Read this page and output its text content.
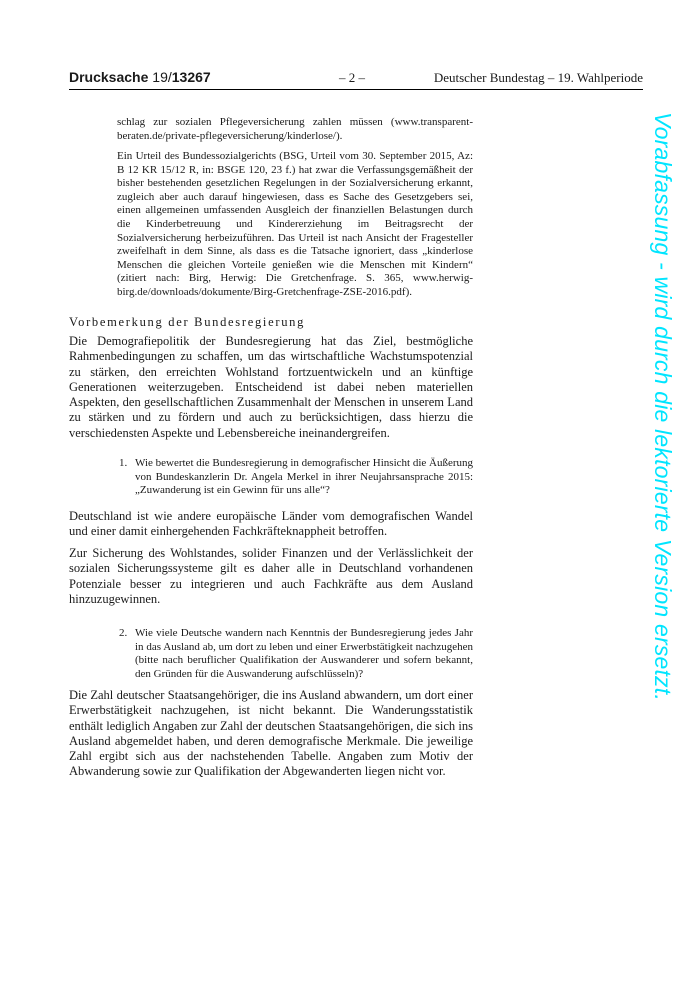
Drucksache 19/13267	– 2 –	Deutscher Bundestag – 19. Wahlperiode
Vorabfassung - wird durch die lektorierte Version ersetzt.

schlag zur sozialen Pflegeversicherung zahlen müssen (www.transparent-beraten.de/private-pflegeversicherung/kinderlose/).

Ein Urteil des Bundessozialgerichts (BSG, Urteil vom 30. September 2015, Az: B 12 KR 15/12 R, in: BSGE 120, 23 f.) hat zwar die Verfassungsgemäßheit der bisher bestehenden gesetzlichen Regelungen in der Sozialversicherung erkannt, zugleich aber auch darauf hingewiesen, dass es Sache des Gesetzgebers sei, einen allgemeinen umfassenden Ausgleich der finanziellen Belastungen durch die Kinderbetreuung und Kindererziehung im Beitragsrecht der Sozialversicherung herbeizuführen. Das Urteil ist nach Ansicht der Fragesteller zweifelhaft in dem Sinne, als dass es die Tatsache ignoriert, dass „kinderlose Menschen die gleichen Vorteile genießen wie die Menschen mit Kindern“ (zitiert nach: Birg, Herwig: Die Gretchenfrage. S. 365, www.herwig-birg.de/downloads/dokumente/Birg-Gretchenfrage-ZSE-2016.pdf).

Vorbemerkung der Bundesregierung

Die Demografiepolitik der Bundesregierung hat das Ziel, bestmögliche Rahmenbedingungen zu schaffen, um das wirtschaftliche Wachstumspotenzial zu stärken, den erreichten Wohlstand fortzuentwickeln und an künftige Generationen weiterzugeben. Entscheidend ist dabei neben materiellen Aspekten, den gesellschaftlichen Zusammenhalt der Menschen in unserem Land zu stärken und zu fördern und auch zu berücksichtigen, dass hierzu die verschiedensten Aspekte und Lebensbereiche ineinandergreifen.

1. Wie bewertet die Bundesregierung in demografischer Hinsicht die Äußerung von Bundeskanzlerin Dr. Angela Merkel in ihrer Neujahrsansprache 2015: „Zuwanderung ist ein Gewinn für uns alle“?

Deutschland ist wie andere europäische Länder vom demografischen Wandel und einer damit einhergehenden Fachkräfteknappheit betroffen.

Zur Sicherung des Wohlstandes, solider Finanzen und der Verlässlichkeit der sozialen Sicherungssysteme gilt es daher alle in Deutschland vorhandenen Potenziale besser zu integrieren und auch Fachkräfte aus dem Ausland hinzuzugewinnen.

2. Wie viele Deutsche wandern nach Kenntnis der Bundesregierung jedes Jahr in das Ausland ab, um dort zu leben und einer Erwerbstätigkeit nachzugehen (bitte nach beruflicher Qualifikation der Auswanderer und sofern bekannt, den Gründen für die Auswanderung aufschlüsseln)?

Die Zahl deutscher Staatsangehöriger, die ins Ausland abwandern, um dort einer Erwerbstätigkeit nachzugehen, ist nicht bekannt. Die Wanderungsstatistik enthält lediglich Angaben zur Zahl der deutschen Staatsangehörigen, die sich ins Ausland abgemeldet haben, und deren demografische Merkmale. Die jeweilige Zahl ergibt sich aus der nachstehenden Tabelle. Angaben zum Motiv der Abwanderung sowie zur Qualifikation der Abgewanderten liegen nicht vor.
